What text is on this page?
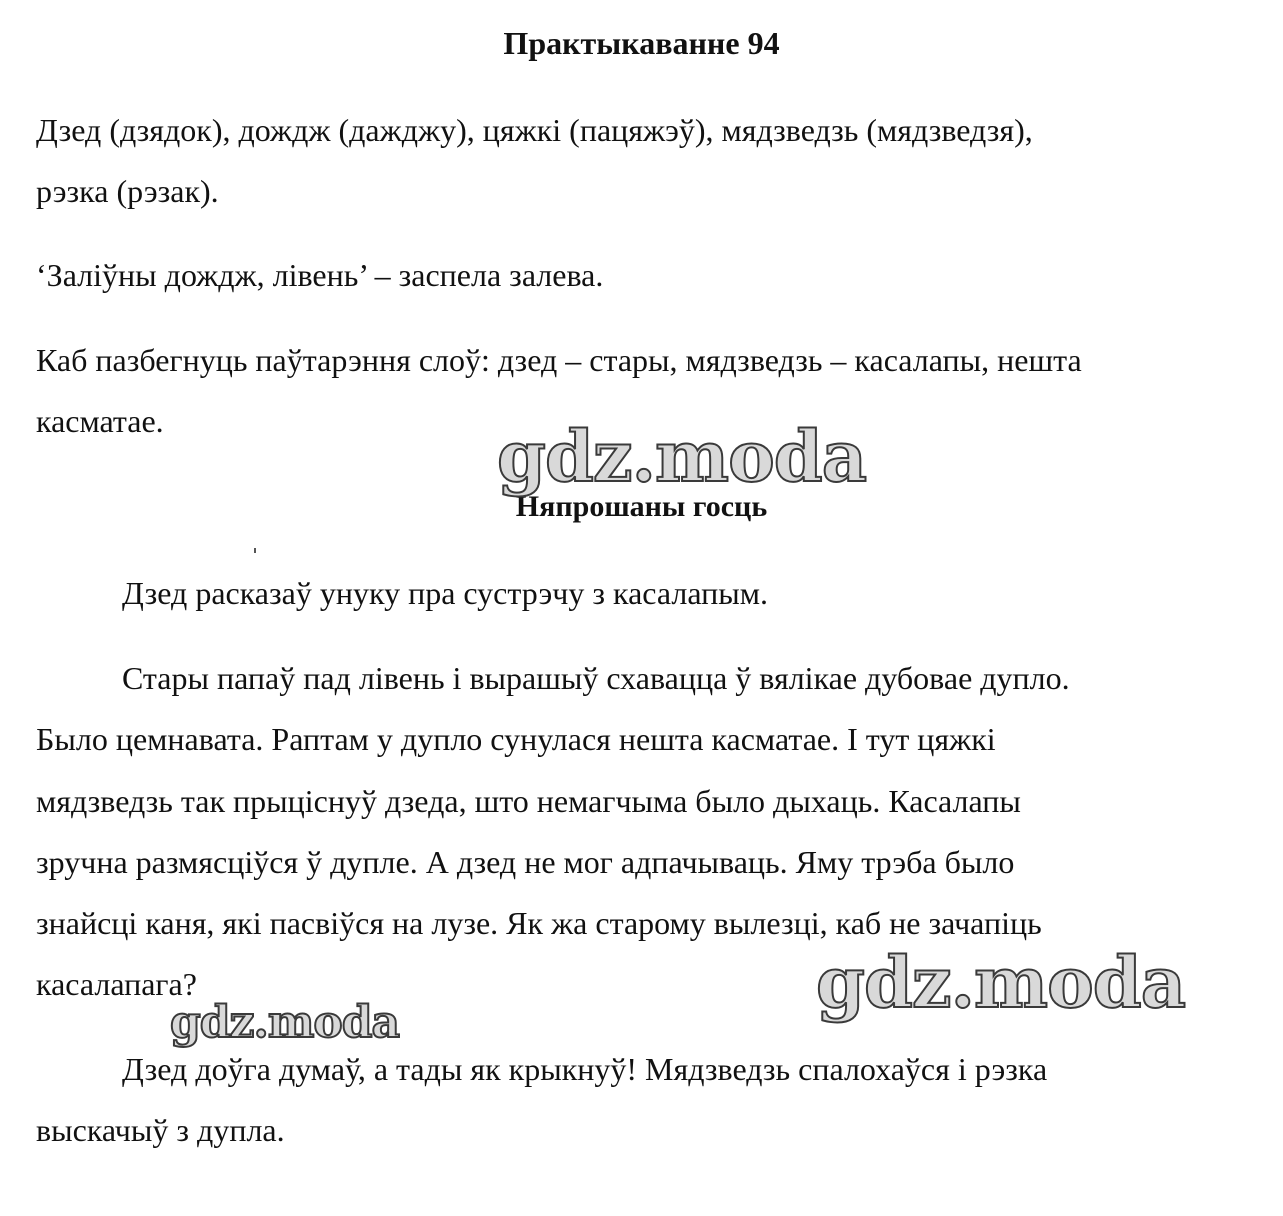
Практыкаванне 94
Дзед (дзядок), дождж (дажджу), цяжкі (пацяжэў), мядзведзь (мядзведзя),
рэзка (рэзак).
‘Заліўны дождж, лівень’ – заспела залева.
Каб пазбегнуць паўтарэння слоў: дзед – стары, мядзведзь – касалапы, нешта
касматае.
Няпрошаны госць
Дзед расказаў унуку пра сустрэчу з касалапым.
Стары папаў пад лівень і вырашыў схавацца ў вялікае дубовае дупло.
Было цемнавата. Раптам у дупло сунулася нешта касматае. І тут цяжкі
мядзведзь так прыціснуў дзеда, што немагчыма было дыхаць. Касалапы
зручна размясціўся ў дупле. А дзед не мог адпачываць. Яму трэба было
знайсці каня, які пасвіўся на лузе. Як жа старому вылезці, каб не зачапіць
касалапага?
Дзед доўга думаў, а тады як крыкнуў! Мядзведзь спалохаўся і рэзка
выскачыў з дупла.
gdz.moda
gdz.moda
gdz.moda
